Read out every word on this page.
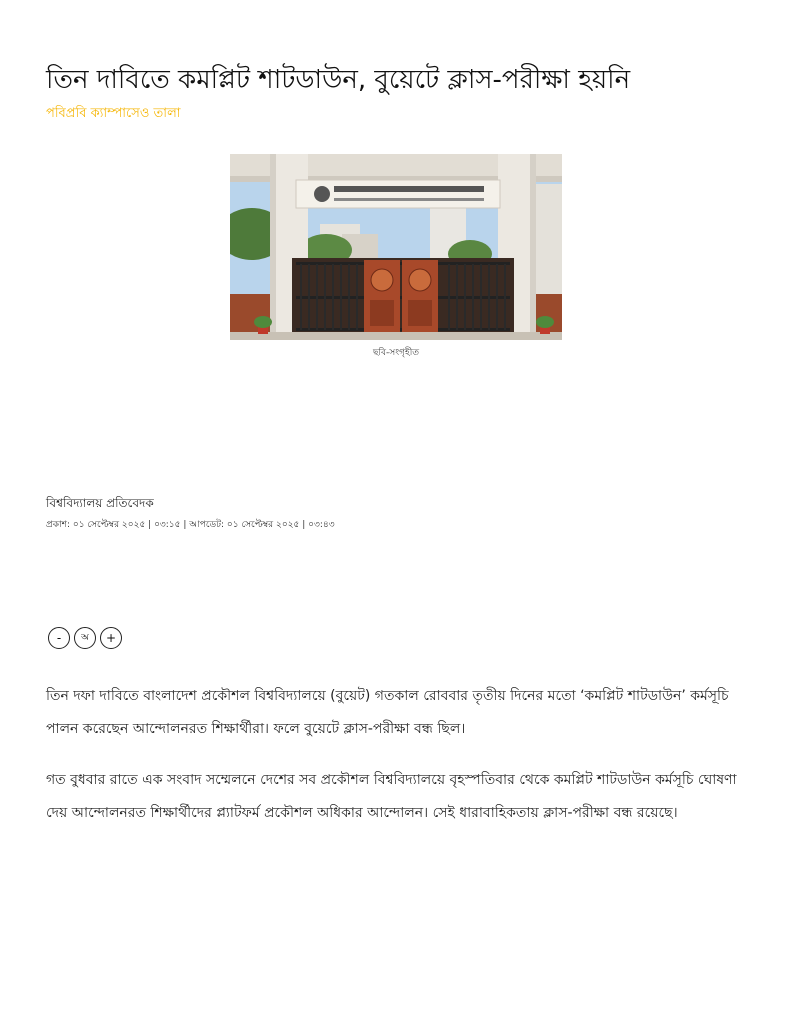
তিন দাবিতে কমপ্লিট শাটডাউন, বুয়েটে ক্লাস-পরীক্ষা হয়নি
পবিপ্রবি ক্যাম্পাসেও তালা
ছবি-সংগৃহীত
বিশ্ববিদ্যালয় প্রতিবেদক
প্রকাশ: ০১ সেপ্টেম্বর ২০২৫ | ০৩:১৫ | আপডেট: ০১ সেপ্টেম্বর ২০২৫ | ০৩:৪৩
-	অ	+

তিন দফা দাবিতে বাংলাদেশ প্রকৌশল বিশ্ববিদ্যালয়ে (বুয়েট) গতকাল রোববার তৃতীয় দিনের মতো ‘কমপ্লিট শাটডাউন’ কর্মসূচি পালন করেছেন আন্দোলনরত শিক্ষার্থীরা। ফলে বুয়েটে ক্লাস-পরীক্ষা বন্ধ ছিল।

গত বুধবার রাতে এক সংবাদ সম্মেলনে দেশের সব প্রকৌশল বিশ্ববিদ্যালয়ে বৃহস্পতিবার থেকে কমপ্লিট শাটডাউন কর্মসূচি ঘোষণা দেয় আন্দোলনরত শিক্ষার্থীদের প্ল্যাটফর্ম প্রকৌশল অধিকার আন্দোলন। সেই ধারাবাহিকতায় ক্লাস-পরীক্ষা বন্ধ রয়েছে।
